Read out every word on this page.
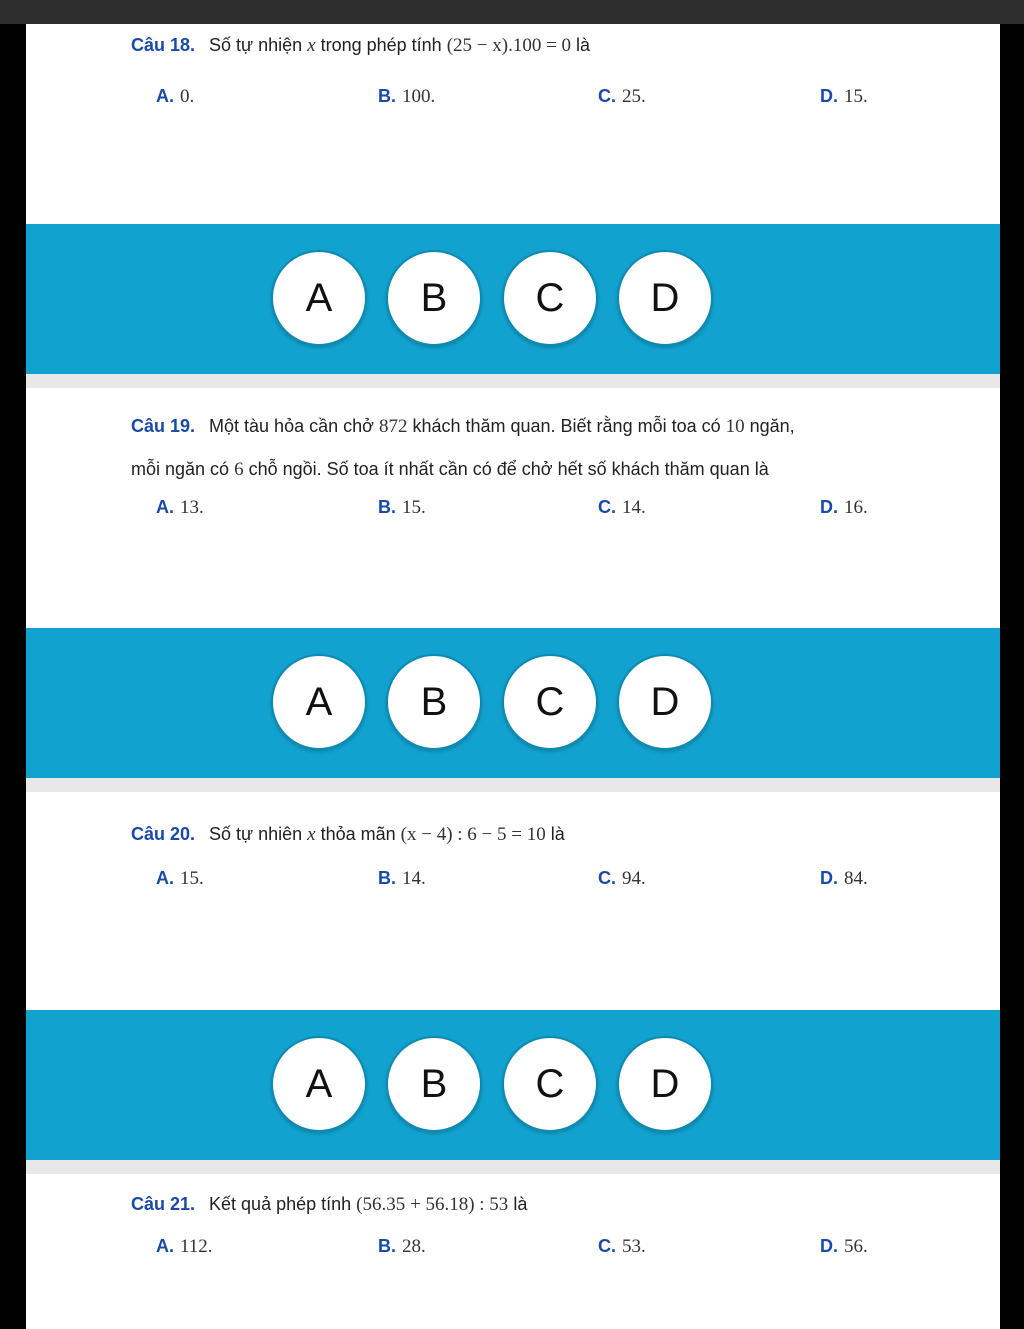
Câu 18. Số tự nhiện x trong phép tính (25 − x).100 = 0 là
A. 0.	B. 100.	C. 25.	D. 15.
A	B	C	D
Câu 19. Một tàu hỏa cần chở 872 khách thăm quan. Biết rằng mỗi toa có 10 ngăn,
mỗi ngăn có 6 chỗ ngồi. Số toa ít nhất cần có để chở hết số khách thăm quan là
A. 13.	B. 15.	C. 14.	D. 16.
A	B	C	D
Câu 20. Số tự nhiên x thỏa mãn (x − 4) : 6 − 5 = 10 là
A. 15.	B. 14.	C. 94.	D. 84.
A	B	C	D
Câu 21. Kết quả phép tính (56.35 + 56.18) : 53 là
A. 112.	B. 28.	C. 53.	D. 56.
